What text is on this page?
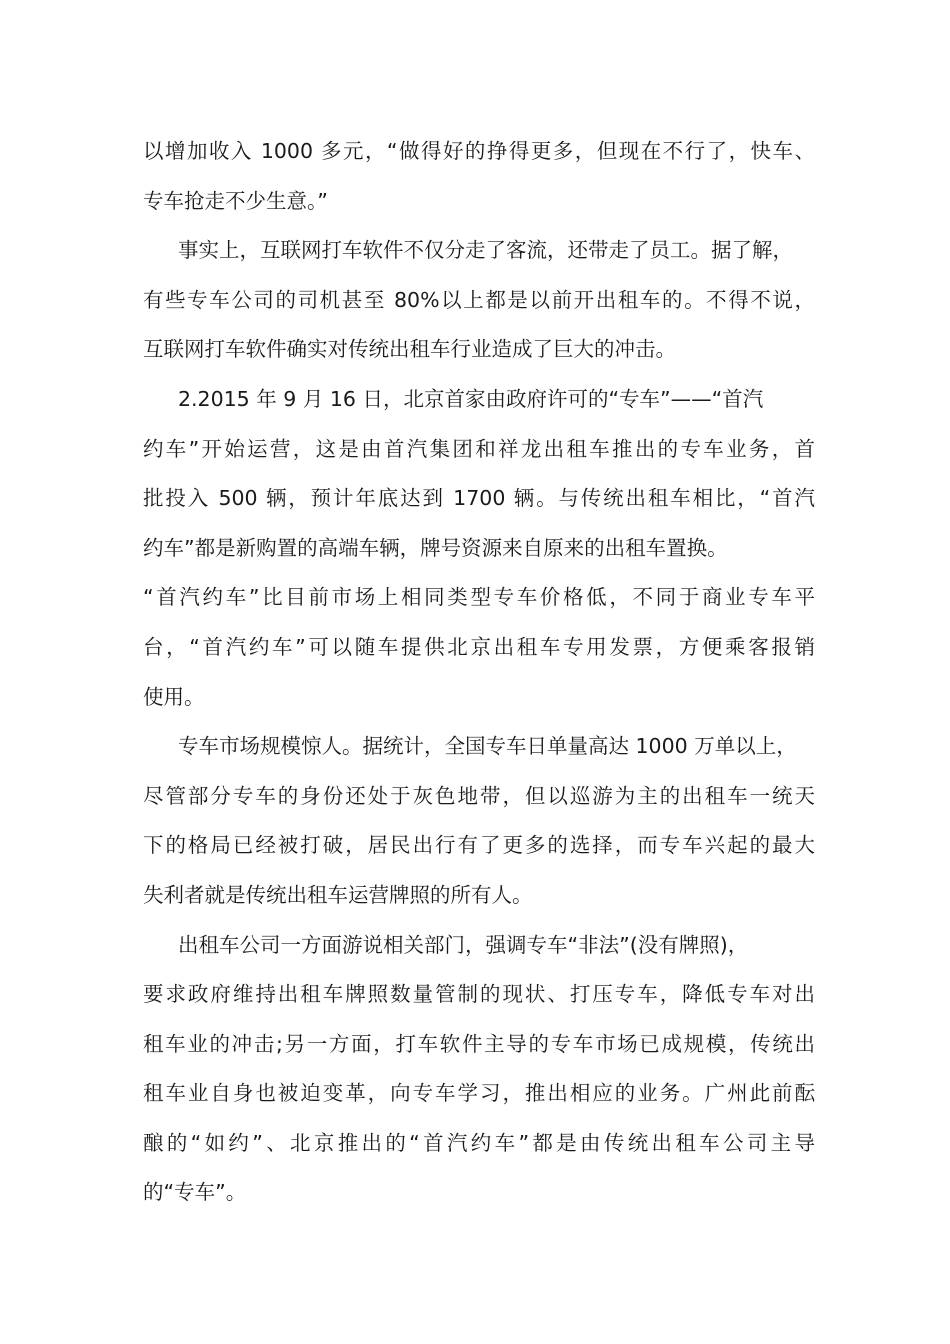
以增加收入 1000 多元，“做得好的挣得更多，但现在不行了，快车、
专车抢走不少生意。”
事实上，互联网打车软件不仅分走了客流，还带走了员工。据了解，
有些专车公司的司机甚至 80%以上都是以前开出租车的。不得不说，
互联网打车软件确实对传统出租车行业造成了巨大的冲击。
2.2015 年 9 月 16 日，北京首家由政府许可的“专车”——“首汽
约车”开始运营，这是由首汽集团和祥龙出租车推出的专车业务，首
批投入 500 辆，预计年底达到 1700 辆。与传统出租车相比，“首汽
约车”都是新购置的高端车辆，牌号资源来自原来的出租车置换。
“首汽约车”比目前市场上相同类型专车价格低，不同于商业专车平
台，“首汽约车”可以随车提供北京出租车专用发票，方便乘客报销
使用。
专车市场规模惊人。据统计，全国专车日单量高达 1000 万单以上，
尽管部分专车的身份还处于灰色地带，但以巡游为主的出租车一统天
下的格局已经被打破，居民出行有了更多的选择，而专车兴起的最大
失利者就是传统出租车运营牌照的所有人。
出租车公司一方面游说相关部门，强调专车“非法”(没有牌照)，
要求政府维持出租车牌照数量管制的现状、打压专车，降低专车对出
租车业的冲击;另一方面，打车软件主导的专车市场已成规模，传统出
租车业自身也被迫变革，向专车学习，推出相应的业务。广州此前酝
酿的“如约”、北京推出的“首汽约车”都是由传统出租车公司主导
的“专车”。
